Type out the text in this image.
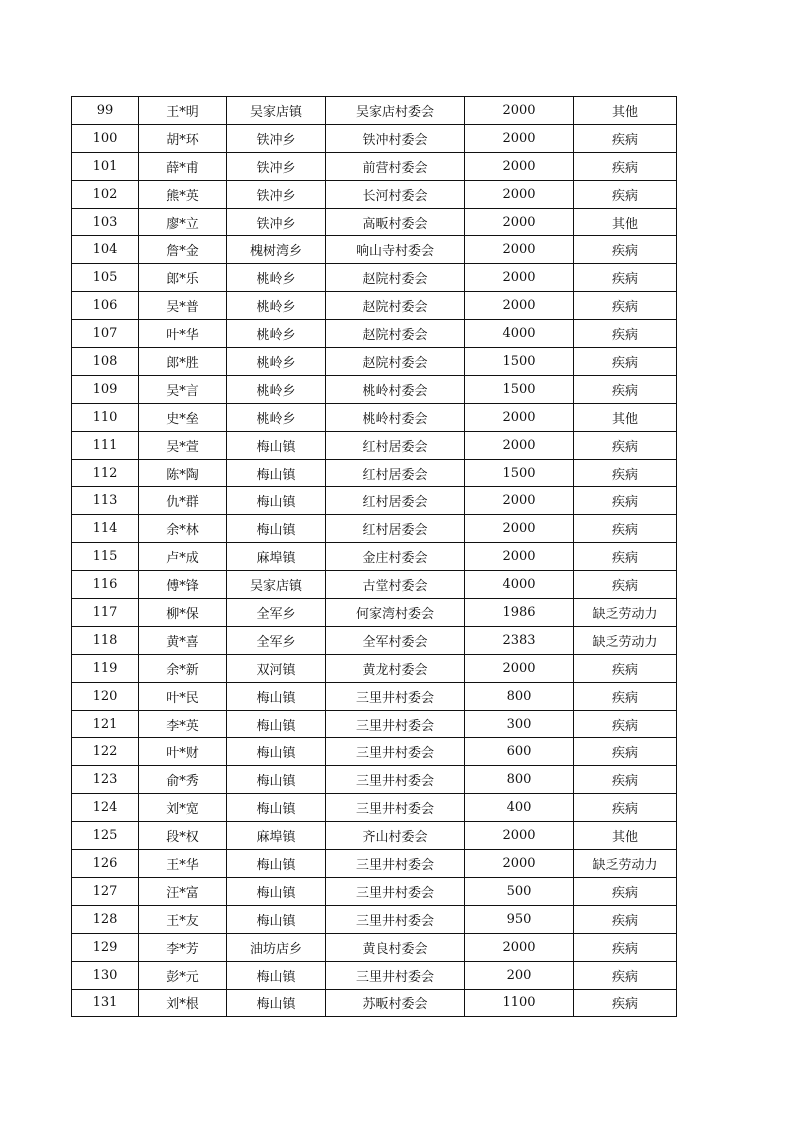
99	王*明	吴家店镇	吴家店村委会	2000	其他
100	胡*环	铁冲乡	铁冲村委会	2000	疾病
101	薛*甫	铁冲乡	前营村委会	2000	疾病
102	熊*英	铁冲乡	长河村委会	2000	疾病
103	廖*立	铁冲乡	高畈村委会	2000	其他
104	詹*金	槐树湾乡	响山寺村委会	2000	疾病
105	郎*乐	桃岭乡	赵院村委会	2000	疾病
106	吴*普	桃岭乡	赵院村委会	2000	疾病
107	叶*华	桃岭乡	赵院村委会	4000	疾病
108	郎*胜	桃岭乡	赵院村委会	1500	疾病
109	吴*言	桃岭乡	桃岭村委会	1500	疾病
110	史*垒	桃岭乡	桃岭村委会	2000	其他
111	吴*萱	梅山镇	红村居委会	2000	疾病
112	陈*陶	梅山镇	红村居委会	1500	疾病
113	仇*群	梅山镇	红村居委会	2000	疾病
114	余*林	梅山镇	红村居委会	2000	疾病
115	卢*成	麻埠镇	金庄村委会	2000	疾病
116	傅*锋	吴家店镇	古堂村委会	4000	疾病
117	柳*保	全军乡	何家湾村委会	1986	缺乏劳动力
118	黄*喜	全军乡	全军村委会	2383	缺乏劳动力
119	余*新	双河镇	黄龙村委会	2000	疾病
120	叶*民	梅山镇	三里井村委会	800	疾病
121	李*英	梅山镇	三里井村委会	300	疾病
122	叶*财	梅山镇	三里井村委会	600	疾病
123	俞*秀	梅山镇	三里井村委会	800	疾病
124	刘*宽	梅山镇	三里井村委会	400	疾病
125	段*权	麻埠镇	齐山村委会	2000	其他
126	王*华	梅山镇	三里井村委会	2000	缺乏劳动力
127	汪*富	梅山镇	三里井村委会	500	疾病
128	王*友	梅山镇	三里井村委会	950	疾病
129	李*芳	油坊店乡	黄良村委会	2000	疾病
130	彭*元	梅山镇	三里井村委会	200	疾病
131	刘*根	梅山镇	苏畈村委会	1100	疾病
